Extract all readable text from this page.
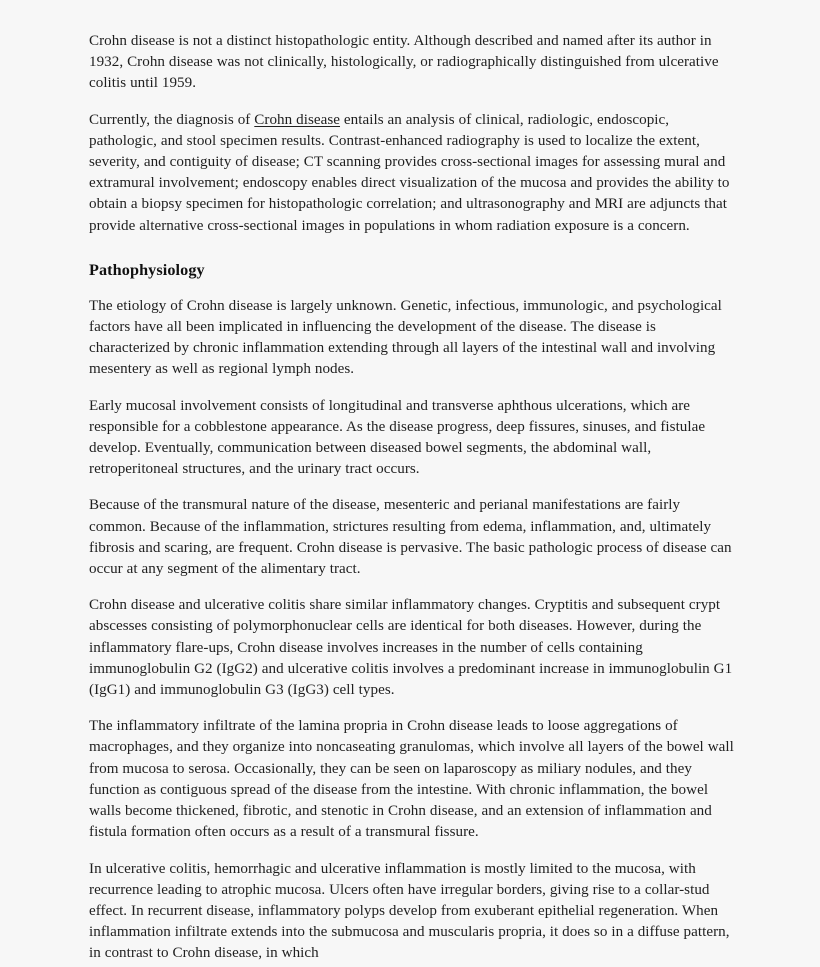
Crohn disease is not a distinct histopathologic entity. Although described and named after its author in 1932, Crohn disease was not clinically, histologically, or radiographically distinguished from ulcerative colitis until 1959.

Currently, the diagnosis of Crohn disease entails an analysis of clinical, radiologic, endoscopic, pathologic, and stool specimen results. Contrast-enhanced radiography is used to localize the extent, severity, and contiguity of disease; CT scanning provides cross-sectional images for assessing mural and extramural involvement; endoscopy enables direct visualization of the mucosa and provides the ability to obtain a biopsy specimen for histopathologic correlation; and ultrasonography and MRI are adjuncts that provide alternative cross-sectional images in populations in whom radiation exposure is a concern.

Pathophysiology

The etiology of Crohn disease is largely unknown. Genetic, infectious, immunologic, and psychological factors have all been implicated in influencing the development of the disease. The disease is characterized by chronic inflammation extending through all layers of the intestinal wall and involving mesentery as well as regional lymph nodes.

Early mucosal involvement consists of longitudinal and transverse aphthous ulcerations, which are responsible for a cobblestone appearance. As the disease progress, deep fissures, sinuses, and fistulae develop. Eventually, communication between diseased bowel segments, the abdominal wall, retroperitoneal structures, and the urinary tract occurs.

Because of the transmural nature of the disease, mesenteric and perianal manifestations are fairly common. Because of the inflammation, strictures resulting from edema, inflammation, and, ultimately fibrosis and scaring, are frequent. Crohn disease is pervasive. The basic pathologic process of disease can occur at any segment of the alimentary tract.

Crohn disease and ulcerative colitis share similar inflammatory changes. Cryptitis and subsequent crypt abscesses consisting of polymorphonuclear cells are identical for both diseases. However, during the inflammatory flare-ups, Crohn disease involves increases in the number of cells containing immunoglobulin G2 (IgG2) and ulcerative colitis involves a predominant increase in immunoglobulin G1 (IgG1) and immunoglobulin G3 (IgG3) cell types.

The inflammatory infiltrate of the lamina propria in Crohn disease leads to loose aggregations of macrophages, and they organize into noncaseating granulomas, which involve all layers of the bowel wall from mucosa to serosa. Occasionally, they can be seen on laparoscopy as miliary nodules, and they function as contiguous spread of the disease from the intestine. With chronic inflammation, the bowel walls become thickened, fibrotic, and stenotic in Crohn disease, and an extension of inflammation and fistula formation often occurs as a result of a transmural fissure.

In ulcerative colitis, hemorrhagic and ulcerative inflammation is mostly limited to the mucosa, with recurrence leading to atrophic mucosa. Ulcers often have irregular borders, giving rise to a collar-stud effect. In recurrent disease, inflammatory polyps develop from exuberant epithelial regeneration. When inflammation infiltrate extends into the submucosa and muscularis propria, it does so in a diffuse pattern, in contrast to Crohn disease, in which
